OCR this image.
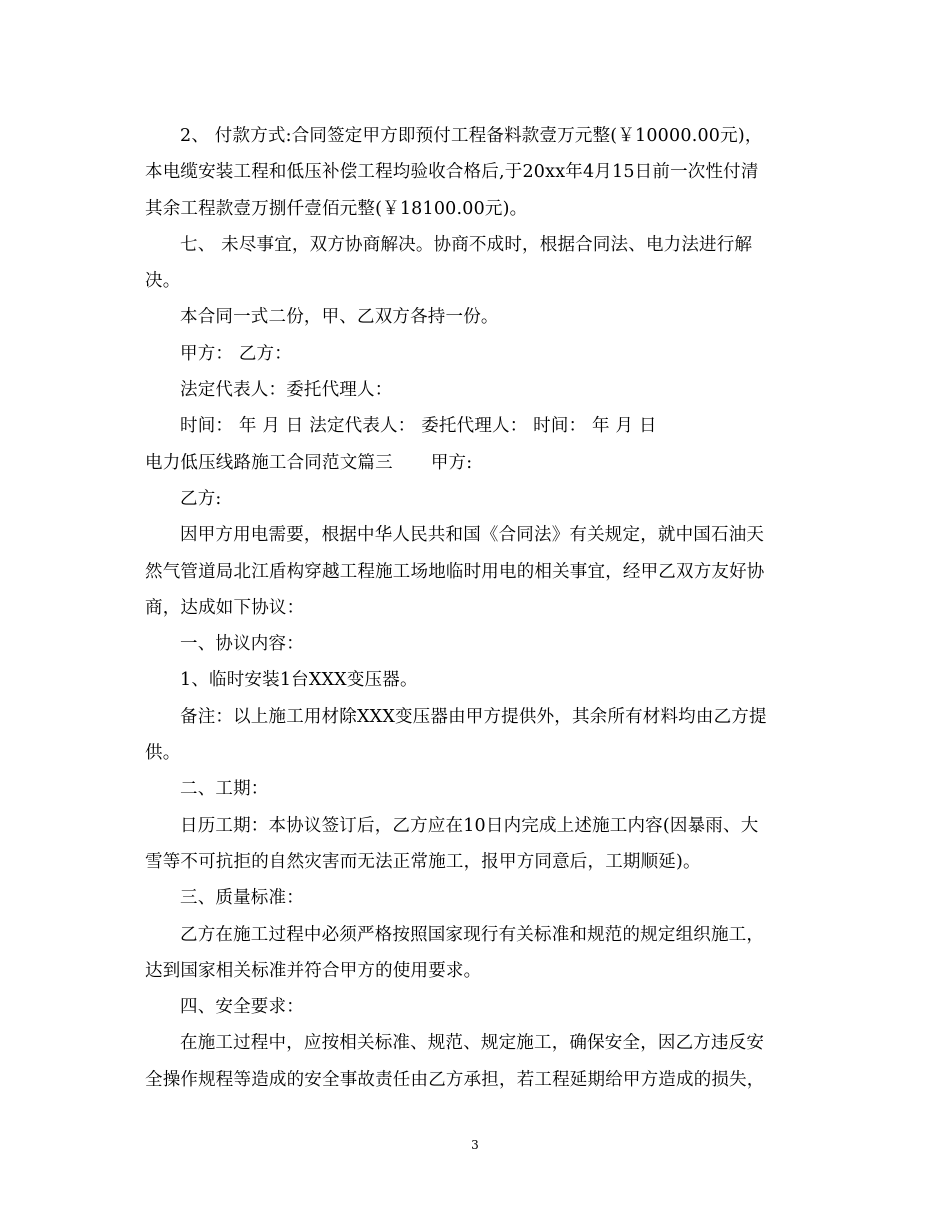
2、 付款方式:合同签定甲方即预付工程备料款壹万元整(￥10000.00元)，

本电缆安装工程和低压补偿工程均验收合格后,于20xx年4月15日前一次性付清

其余工程款壹万捌仟壹佰元整(￥18100.00元)。

七、 未尽事宜，双方协商解决。协商不成时，根据合同法、电力法进行解

决。

本合同一式二份，甲、乙双方各持一份。

甲方： 乙方：

法定代表人：委托代理人：

时间： 年 月 日 法定代表人： 委托代理人： 时间： 年 月 日

电力低压线路施工合同范文篇三 甲方:

乙方:

因甲方用电需要，根据中华人民共和国《合同法》有关规定，就中国石油天

然气管道局北江盾构穿越工程施工场地临时用电的相关事宜，经甲乙双方友好协

商，达成如下协议：

一、协议内容：

1、临时安装1台XXX变压器。

备注：以上施工用材除XXX变压器由甲方提供外，其余所有材料均由乙方提

供。

二、工期：

日历工期：本协议签订后，乙方应在10日内完成上述施工内容(因暴雨、大

雪等不可抗拒的自然灾害而无法正常施工，报甲方同意后，工期顺延)。

三、质量标准：

乙方在施工过程中必须严格按照国家现行有关标准和规范的规定组织施工，

达到国家相关标准并符合甲方的使用要求。

四、安全要求：

在施工过程中，应按相关标准、规范、规定施工，确保安全，因乙方违反安

全操作规程等造成的安全事故责任由乙方承担，若工程延期给甲方造成的损失，

3
